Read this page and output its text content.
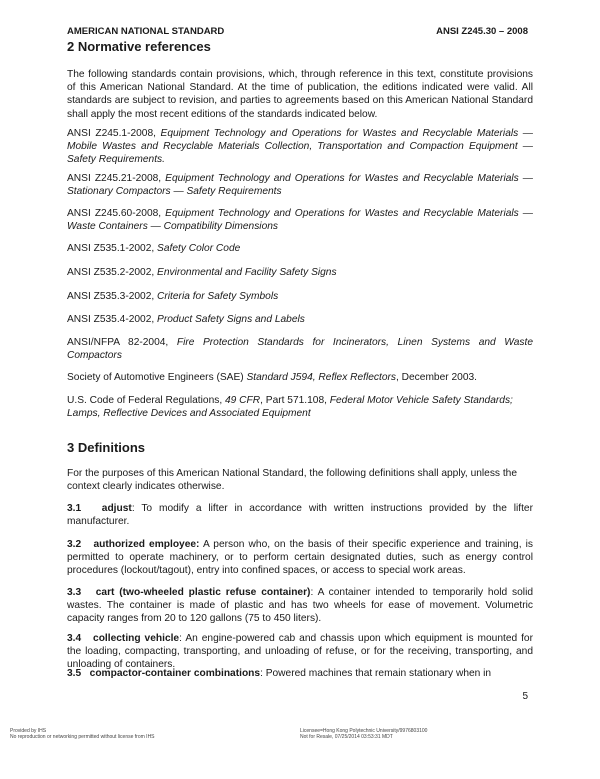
AMERICAN NATIONAL STANDARD	ANSI Z245.30 – 2008
2 Normative references
The following standards contain provisions, which, through reference in this text, constitute provisions of this American National Standard. At the time of publication, the editions indicated were valid. All standards are subject to revision, and parties to agreements based on this American National Standard shall apply the most recent editions of the standards indicated below.
ANSI Z245.1-2008, Equipment Technology and Operations for Wastes and Recyclable Materials — Mobile Wastes and Recyclable Materials Collection, Transportation and Compaction Equipment — Safety Requirements.
ANSI Z245.21-2008, Equipment Technology and Operations for Wastes and Recyclable Materials — Stationary Compactors — Safety Requirements
ANSI Z245.60-2008, Equipment Technology and Operations for Wastes and Recyclable Materials — Waste Containers — Compatibility Dimensions
ANSI Z535.1-2002, Safety Color Code
ANSI Z535.2-2002, Environmental and Facility Safety Signs
ANSI Z535.3-2002, Criteria for Safety Symbols
ANSI Z535.4-2002, Product Safety Signs and Labels
ANSI/NFPA 82-2004, Fire Protection Standards for Incinerators, Linen Systems and Waste Compactors
Society of Automotive Engineers (SAE) Standard J594, Reflex Reflectors, December 2003.
U.S. Code of Federal Regulations, 49 CFR, Part 571.108, Federal Motor Vehicle Safety Standards; Lamps, Reflective Devices and Associated Equipment
3 Definitions
For the purposes of this American National Standard, the following definitions shall apply, unless the context clearly indicates otherwise.
3.1 adjust: To modify a lifter in accordance with written instructions provided by the lifter manufacturer.
3.2 authorized employee: A person who, on the basis of their specific experience and training, is permitted to operate machinery, or to perform certain designated duties, such as energy control procedures (lockout/tagout), entry into confined spaces, or access to special work areas.
3.3 cart (two-wheeled plastic refuse container): A container intended to temporarily hold solid wastes. The container is made of plastic and has two wheels for ease of movement. Volumetric capacity ranges from 20 to 120 gallons (75 to 450 liters).
3.4 collecting vehicle: An engine-powered cab and chassis upon which equipment is mounted for the loading, compacting, transporting, and unloading of refuse, or for the receiving, transporting, and unloading of containers.
3.5 compactor-container combinations: Powered machines that remain stationary when in
5
Provided by IHS
No reproduction or networking permitted without license from IHS
Licensee=Hong Kong Polytechnic University/9976803100
Not for Resale, 07/25/2014 03:53:31 MDT
